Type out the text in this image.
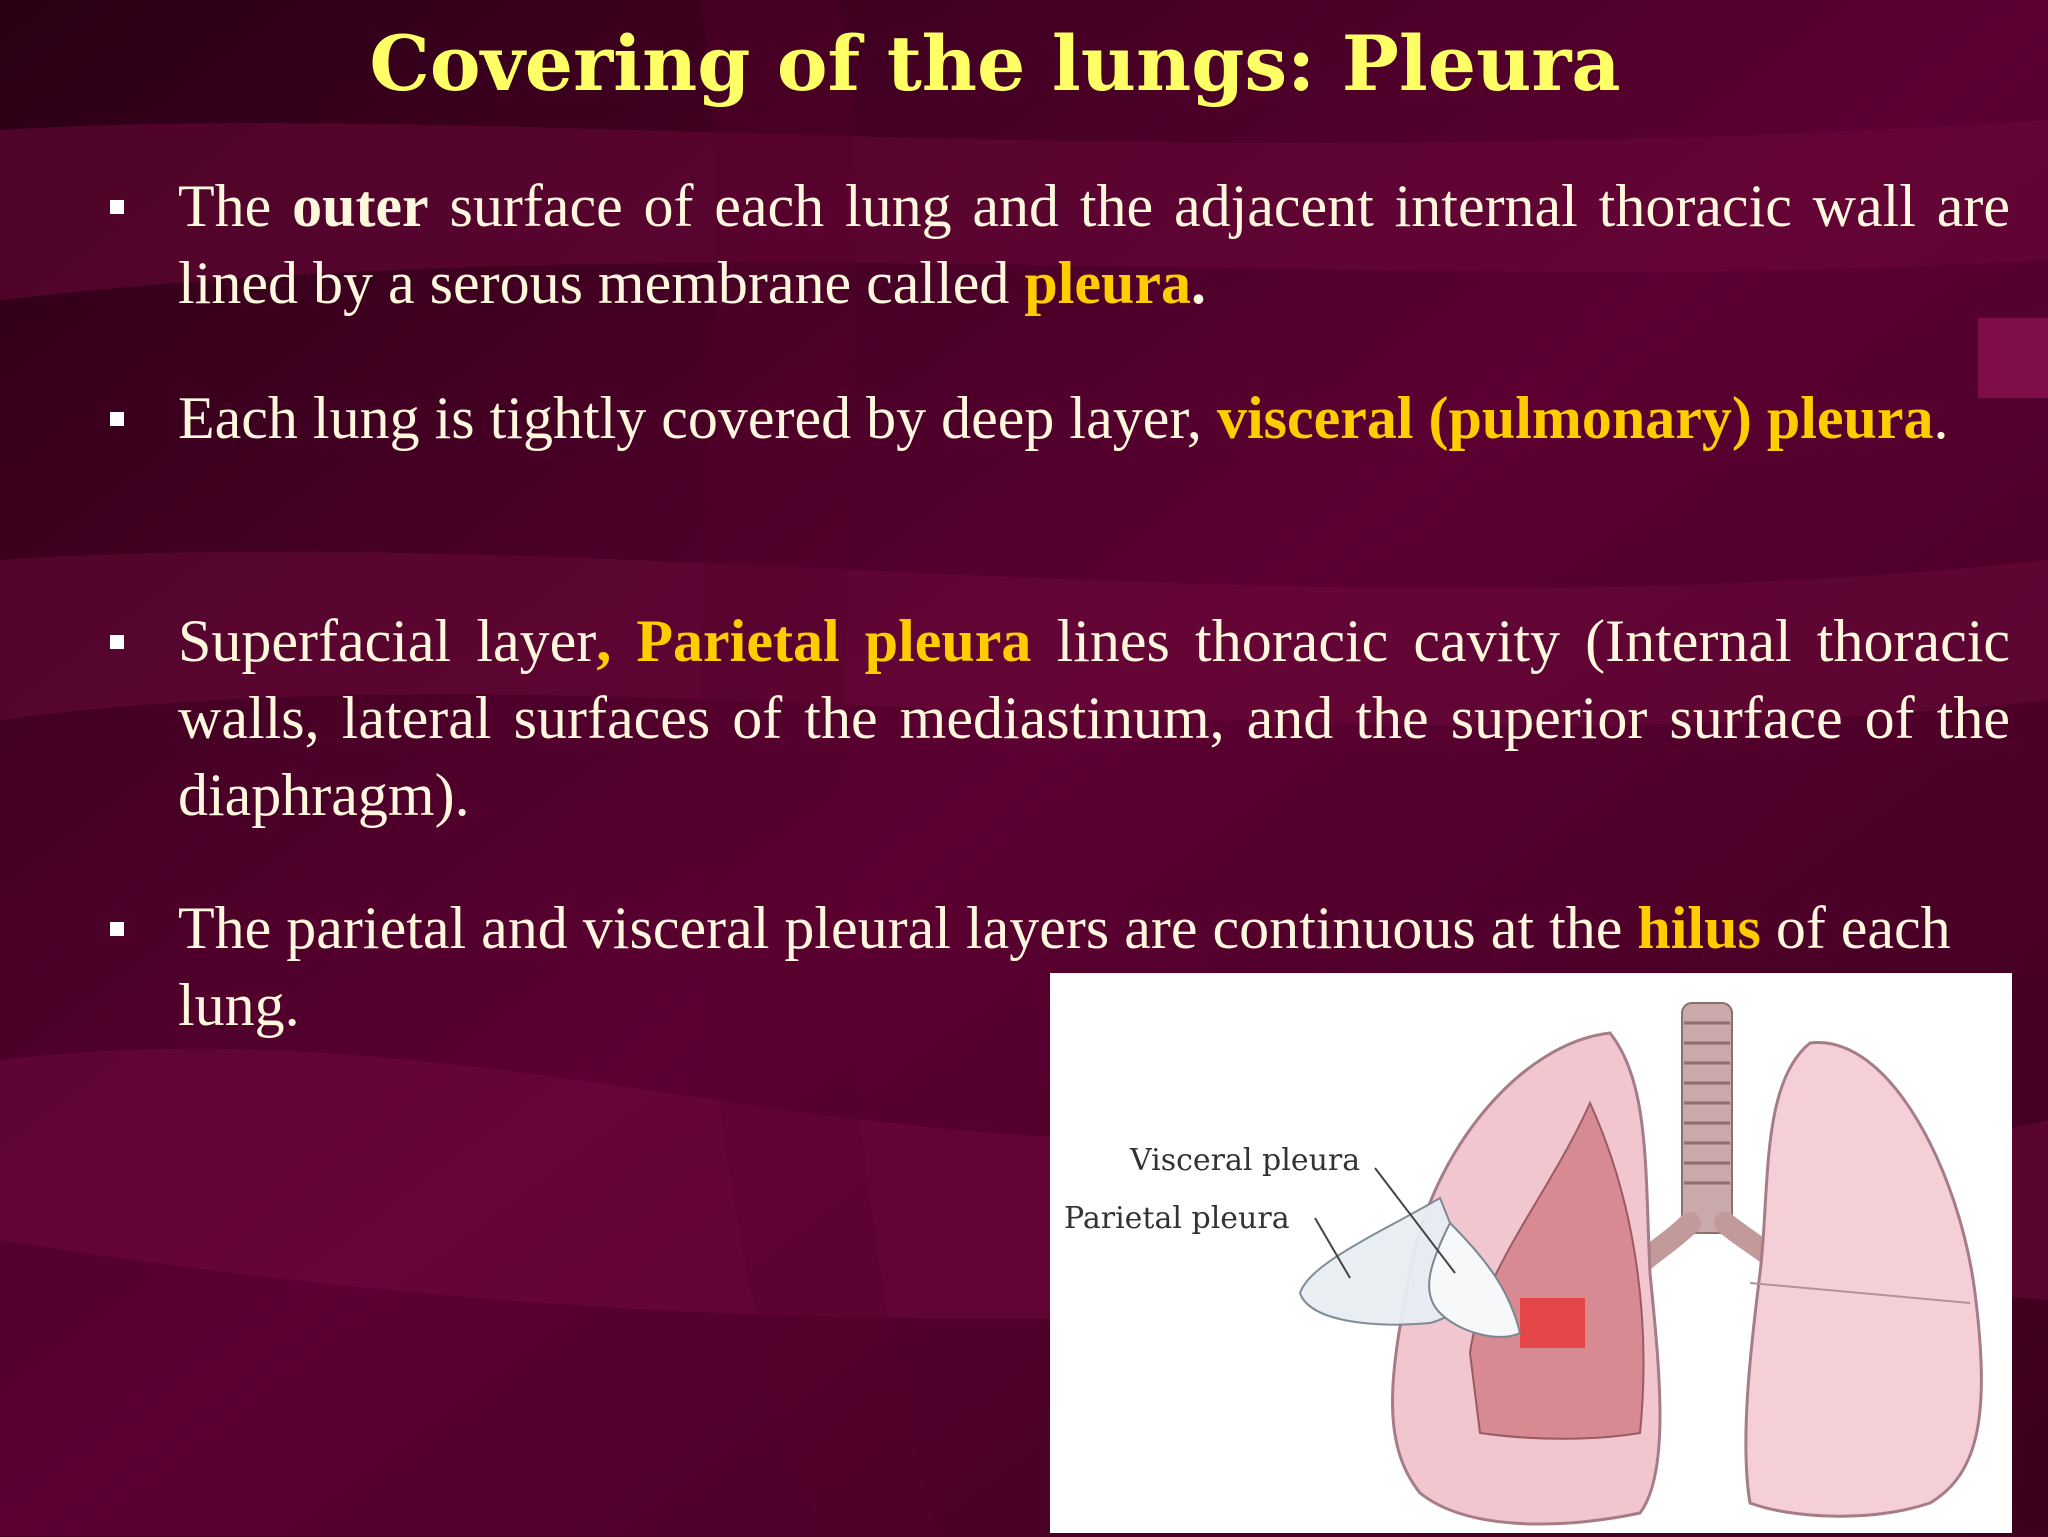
Covering of the lungs: Pleura
The outer surface of each lung and the adjacent internal thoracic wall are lined by a serous membrane called pleura.
Each lung is tightly covered by deep layer, visceral (pulmonary) pleura.
Superfacial layer, Parietal pleura lines thoracic cavity (Internal thoracic walls, lateral surfaces of the mediastinum, and the superior surface of the diaphragm).
The parietal and visceral pleural layers are continuous at the hilus of each lung.
Visceral pleura
Parietal pleura
